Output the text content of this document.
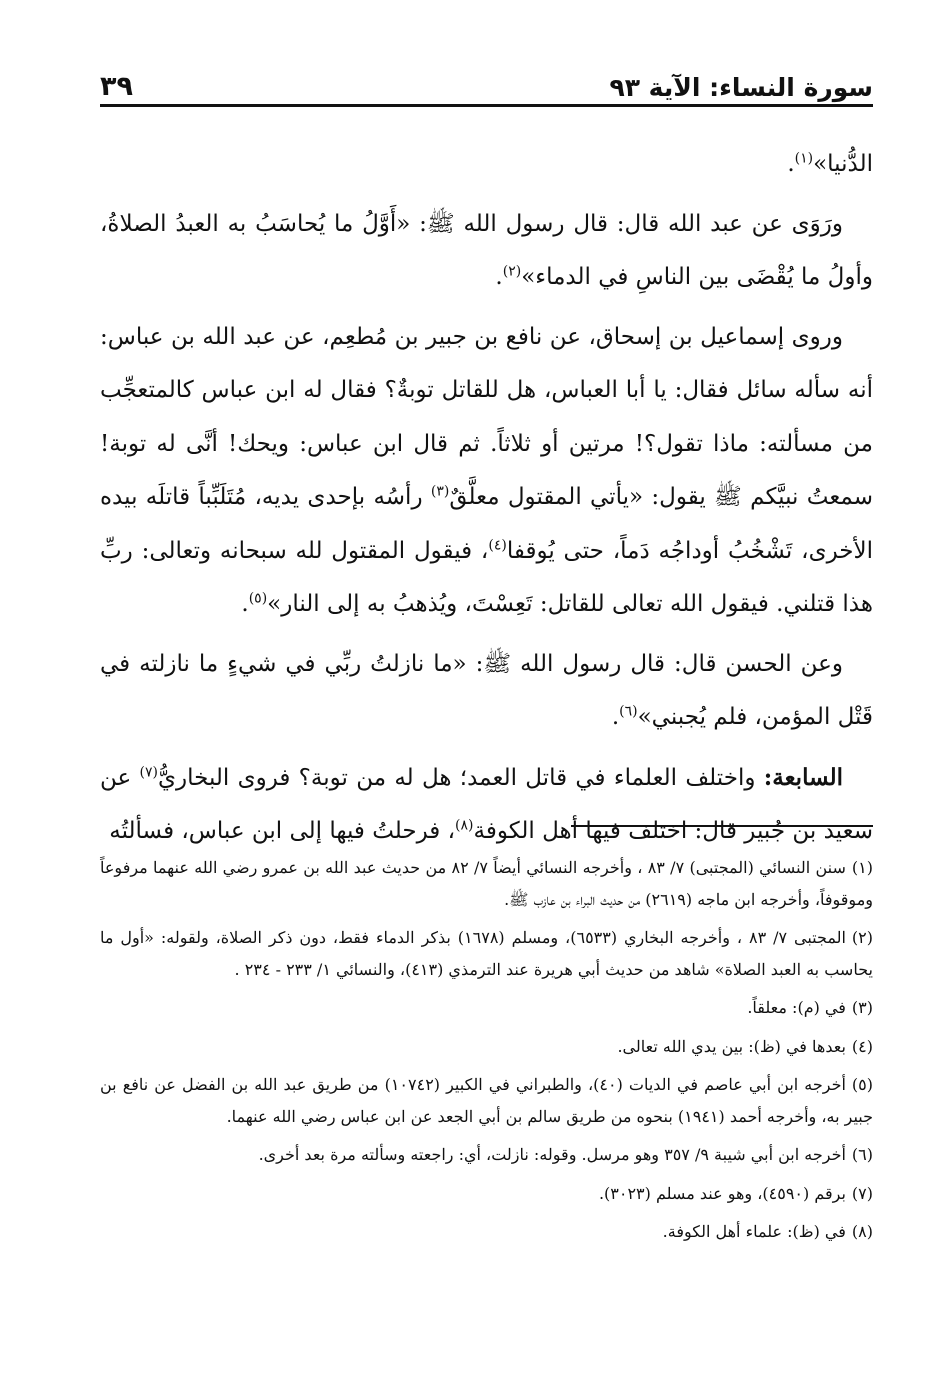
سورة النساء: الآية ٩٣
٣٩

الدُّنيا»$^{(١)}$.

ورَوَى عن عبد الله قال: قال رسول الله ﷺ: «أَوَّلُ ما يُحاسَبُ به العبدُ الصلاةُ، وأولُ ما يُقْضَى بين الناسِ في الدماء»$^{(٢)}$.

وروى إسماعيل بن إسحاق، عن نافع بن جبير بن مُطعِم، عن عبد الله بن عباس: أنه سأله سائل فقال: يا أبا العباس، هل للقاتل توبةٌ؟ فقال له ابن عباس كالمتعجِّب من مسألته: ماذا تقول؟! مرتين أو ثلاثاً. ثم قال ابن عباس: ويحك! أنَّى له توبة! سمعتُ نبيَّكم ﷺ يقول: «يأتي المقتول معلَّقٌ$^{(٣)}$ رأسُه بإحدى يديه، مُتَلَبِّباً قاتلَه بيده الأخرى، تَشْخُبُ أوداجُه دَماً، حتى يُوقفا$^{(٤)}$، فيقول المقتول لله سبحانه وتعالى: ربِّ هذا قتلني. فيقول الله تعالى للقاتل: تَعِسْتَ، ويُذهبُ به إلى النار»$^{(٥)}$.

وعن الحسن قال: قال رسول الله ﷺ: «ما نازلتُ ربِّي في شيءٍ ما نازلته في قَتْل المؤمن، فلم يُجبني»$^{(٦)}$.

السابعة: واختلف العلماء في قاتل العمد؛ هل له من توبة؟ فروى البخاريُّ$^{(٧)}$ عن سعيد بن جُبير قال: اختلف فيها أهل الكوفة$^{(٨)}$، فرحلتُ فيها إلى ابن عباس، فسألتُه

(١)سنن النسائي (المجتبى) ٧/ ٨٣ ، وأخرجه النسائي أيضاً ٧/ ٨٢ من حديث عبد الله بن عمرو رضي الله عنهما مرفوعاً وموقوفاً، وأخرجه ابن ماجه (٢٦١٩) من حديث البراء بن عازب ﷺ.
(٢)المجتبى ٧/ ٨٣ ، وأخرجه البخاري (٦٥٣٣)، ومسلم (١٦٧٨) بذكر الدماء فقط، دون ذكر الصلاة، ولقوله: «أول ما يحاسب به العبد الصلاة» شاهد من حديث أبي هريرة عند الترمذي (٤١٣)، والنسائي ١/ ٢٣٣ - ٢٣٤ .
(٣)في (م): معلقاً.
(٤)بعدها في (ظ): بين يدي الله تعالى.
(٥)أخرجه ابن أبي عاصم في الديات (٤٠)، والطبراني في الكبير (١٠٧٤٢) من طريق عبد الله بن الفضل عن نافع بن جبير به، وأخرجه أحمد (١٩٤١) بنحوه من طريق سالم بن أبي الجعد عن ابن عباس رضي الله عنهما.
(٦)أخرجه ابن أبي شيبة ٩/ ٣٥٧ وهو مرسل. وقوله: نازلت، أي: راجعته وسألته مرة بعد أخرى.
(٧)برقم (٤٥٩٠)، وهو عند مسلم (٣٠٢٣).
(٨)في (ظ): علماء أهل الكوفة.
